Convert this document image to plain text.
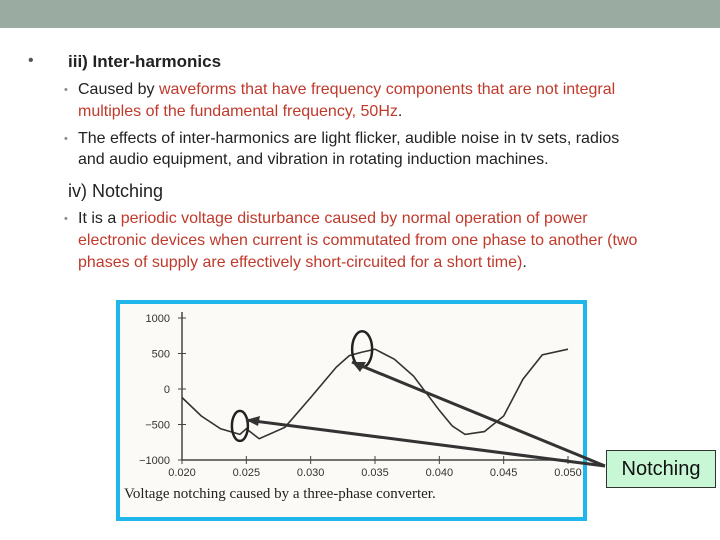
• iii) Inter-harmonics
• Caused by waveforms that have frequency components that are not integral
multiples of the fundamental frequency, 50Hz.
• The effects of inter-harmonics are light flicker, audible noise in tv sets, radios
and audio equipment, and vibration in rotating induction machines.
iv) Notching
• It is a periodic voltage disturbance caused by normal operation of power
electronic devices when current is commutated from one phase to another (two
phases of supply are effectively short-circuited for a short time).
1000
500
0
−500
−1000
0.020	0.025	0.030	0.035	0.040	0.045	0.050
Voltage notching caused by a three-phase converter.
Notching
